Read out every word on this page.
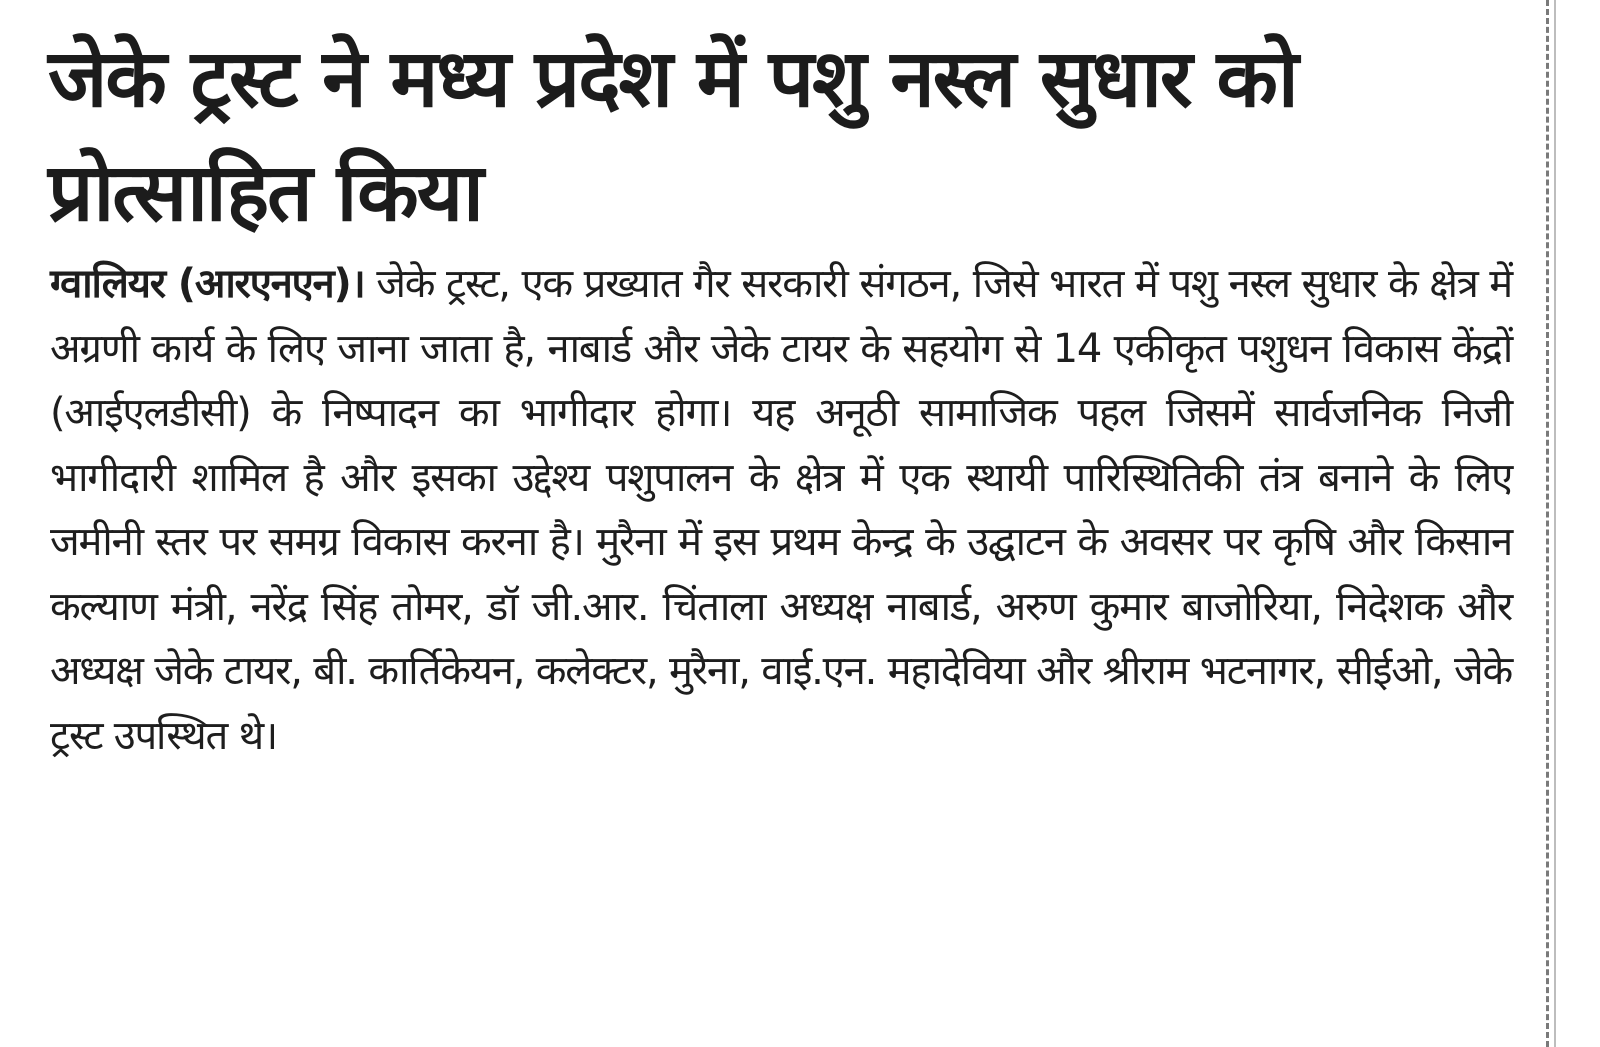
जेके ट्रस्ट ने मध्य प्रदेश में पशु नस्ल सुधार को प्रोत्साहित किया

ग्वालियर (आरएनएन)। जेके ट्रस्ट, एक प्रख्यात गैर सरकारी संगठन, जिसे भारत में पशु नस्ल सुधार के क्षेत्र में अग्रणी कार्य के लिए जाना जाता है, नाबार्ड और जेके टायर के सहयोग से 14 एकीकृत पशुधन विकास केंद्रों (आईएलडीसी) के निष्पादन का भागीदार होगा। यह अनूठी सामाजिक पहल जिसमें सार्वजनिक निजी भागीदारी शामिल है और इसका उद्देश्य पशुपालन के क्षेत्र में एक स्थायी पारिस्थितिकी तंत्र बनाने के लिए जमीनी स्तर पर समग्र विकास करना है। मुरैना में इस प्रथम केन्द्र के उद्घाटन के अवसर पर कृषि और किसान कल्याण मंत्री, नरेंद्र सिंह तोमर, डॉ जी.आर. चिंताला अध्यक्ष नाबार्ड, अरुण कुमार बाजोरिया, निदेशक और अध्यक्ष जेके टायर, बी. कार्तिकेयन, कलेक्टर, मुरैना, वाई.एन. महादेविया और श्रीराम भटनागर, सीईओ, जेके ट्रस्ट उपस्थित थे।
